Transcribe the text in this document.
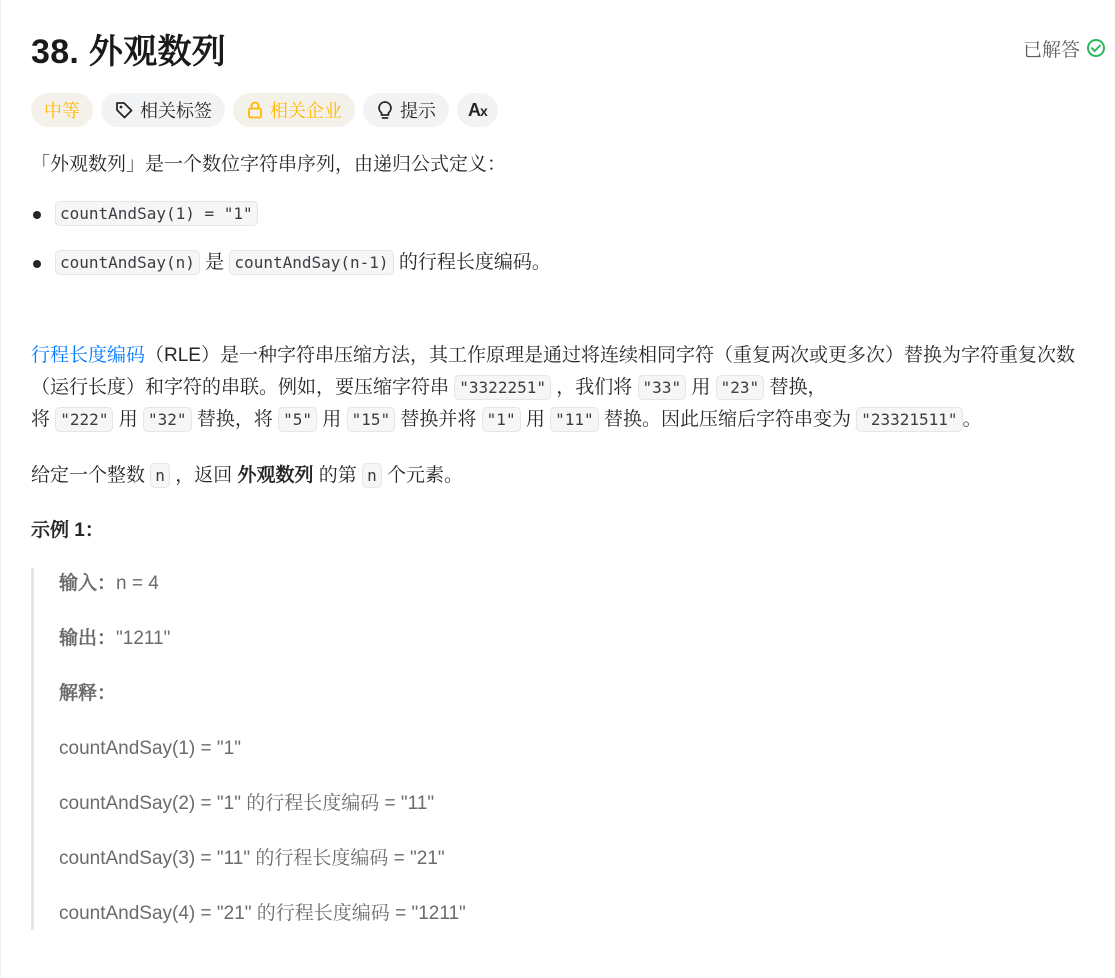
38. 外观数列	已解答
中等	相关标签	相关企业	提示 Ax

「外观数列」是一个数位字符串序列，由递归公式定义：

countAndSay(1) = "1"
countAndSay(n) 是 countAndSay(n-1) 的行程长度编码。

行程长度编码（RLE）是一种字符串压缩方法，其工作原理是通过将连续相同字符（重复两次或更多次）替换为字符重复次数（运行长度）和字符的串联。例如，要压缩字符串 "3322251" ，我们将 "33" 用 "23" 替换，
将 "222" 用 "32" 替换，将 "5" 用 "15" 替换并将 "1" 用 "11" 替换。因此压缩后字符串变为 "23321511" 。

给定一个整数 n ，返回 外观数列 的第 n 个元素。

示例 1：

输入：n = 4

输出："1211"

解释：

countAndSay(1) = "1"

countAndSay(2) = "1" 的行程长度编码 = "11"

countAndSay(3) = "11" 的行程长度编码 = "21"

countAndSay(4) = "21" 的行程长度编码 = "1211"
